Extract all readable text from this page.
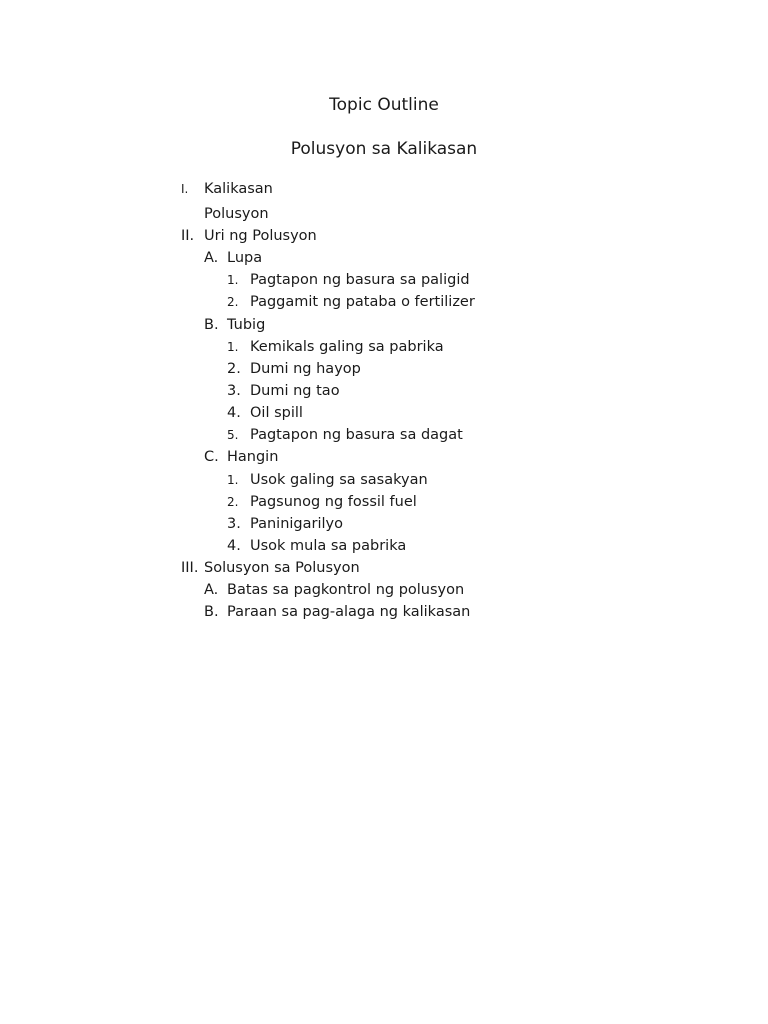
Topic Outline
Polusyon sa Kalikasan
I. Kalikasan
Polusyon
II. Uri ng Polusyon
A. Lupa
1. Pagtapon ng basura sa paligid
2. Paggamit ng pataba o fertilizer
B. Tubig
1. Kemikals galing sa pabrika
2. Dumi ng hayop
3. Dumi ng tao
4. Oil spill
5. Pagtapon ng basura sa dagat
C. Hangin
1. Usok galing sa sasakyan
2. Pagsunog ng fossil fuel
3. Paninigarilyo
4. Usok mula sa pabrika
III. Solusyon sa Polusyon
A. Batas sa pagkontrol ng polusyon
B. Paraan sa pag-alaga ng kalikasan
